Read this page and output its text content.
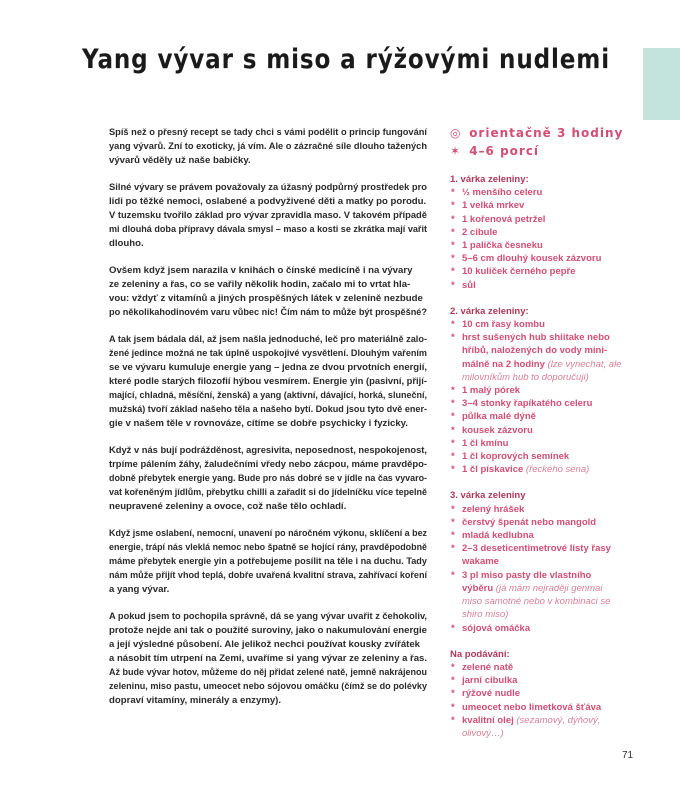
Yang vývar s miso a rýžovými nudlemi

Spíš než o přesný recept se tady chci s vámi podělit o princip fungování
yang vývarů. Zní to exoticky, já vím. Ale o zázračné síle dlouho tažených
vývarů věděly už naše babičky.

Silné vývary se právem považovaly za úžasný podpůrný prostředek pro
lidi po těžké nemoci, oslabené a podvyživené děti a matky po porodu.
V tuzemsku tvořilo základ pro vývar zpravidla maso. V takovém případě
mi dlouhá doba přípravy dávala smysl – maso a kosti se zkrátka mají vařit
dlouho.

Ovšem když jsem narazila v knihách o čínské medicíně i na vývary
ze zeleniny a řas, co se vařily několik hodin, začalo mi to vrtat hla-
vou: vždyť z vitamínů a jiných prospěšných látek v zelenině nezbude
po několikahodinovém varu vůbec nic! Čím nám to může být prospěšné?

A tak jsem bádala dál, až jsem našla jednoduché, leč pro materiálně zalo-
žené jedince možná ne tak úplně uspokojivé vysvětlení. Dlouhým vařením
se ve vývaru kumuluje energie yang – jedna ze dvou prvotních energií,
které podle starých filozofií hýbou vesmírem. Energie yin (pasivní, přijí-
mající, chladná, měsíční, ženská) a yang (aktivní, dávající, horká, sluneční,
mužská) tvoří základ našeho těla a našeho bytí. Dokud jsou tyto dvě ener-
gie v našem těle v rovnováze, cítíme se dobře psychicky i fyzicky.

Když v nás bují podrážděnost, agresivita, neposednost, nespokojenost,
trpíme pálením žáhy, žaludečními vředy nebo zácpou, máme pravděpo-
dobně přebytek energie yang. Bude pro nás dobré se v jídle na čas vyvaro-
vat kořeněným jídlům, přebytku chilli a zařadit si do jídelníčku více tepelně
neupravené zeleniny a ovoce, což naše tělo ochladí.

Když jsme oslabení, nemocní, unavení po náročném výkonu, sklíčení a bez
energie, trápí nás vleklá nemoc nebo špatně se hojící rány, pravděpodobně
máme přebytek energie yin a potřebujeme posílit na těle i na duchu. Tady
nám může přijít vhod teplá, dobře uvařená kvalitní strava, zahřívací koření
a yang vývar.

A pokud jsem to pochopila správně, dá se yang vývar uvařit z čehokoliv,
protože nejde ani tak o použité suroviny, jako o nakumulování energie
a její výsledné působení. Ale jelikož nechci používat kousky zvířátek
a násobit tím utrpení na Zemi, uvaříme si yang vývar ze zeleniny a řas.
Až bude vývar hotov, můžeme do něj přidat zelené natě, jemně nakrájenou
zeleninu, miso pastu, umeocet nebo sójovou omáčku (čímž se do polévky
dopraví vitamíny, minerály a enzymy).

◎ orientačně 3 hodiny
✶ 4–6 porcí
1. várka zeleniny:
* ½ menšího celeru
* 1 velká mrkev
* 1 kořenová petržel
* 2 cibule
* 1 palička česneku
* 5–6 cm dlouhý kousek zázvoru
* 10 kuliček černého pepře
* sůl
2. várka zeleniny:
* 10 cm řasy kombu
* hrst sušených hub shiitake nebo hříbů, naložených do vody minimálně na 2 hodiny (lze vynechat, ale milovníkům hub to doporučuji)
* 1 malý pórek
* 3–4 stonky řapíkatého celeru
* půlka malé dýně
* kousek zázvoru
* 1 čl kmínu
* 1 čl koprových semínek
* 1 čl pískavice (řeckého sena)
3. várka zeleniny
* zelený hrášek
* čerstvý špenát nebo mangold
* mladá kedlubna
* 2–3 deseticentimetrové listy řasy wakame
* 3 pl miso pasty dle vlastního výběru (já mám nejraději genmai miso samotné nebo v kombinaci se shiro miso)
* sójová omáčka
Na podávání:
* zelené natě
* jarní cibulka
* rýžové nudle
* umeocet nebo limetková šťáva
* kvalitní olej (sezamový, dýňový, olivový…)
71
